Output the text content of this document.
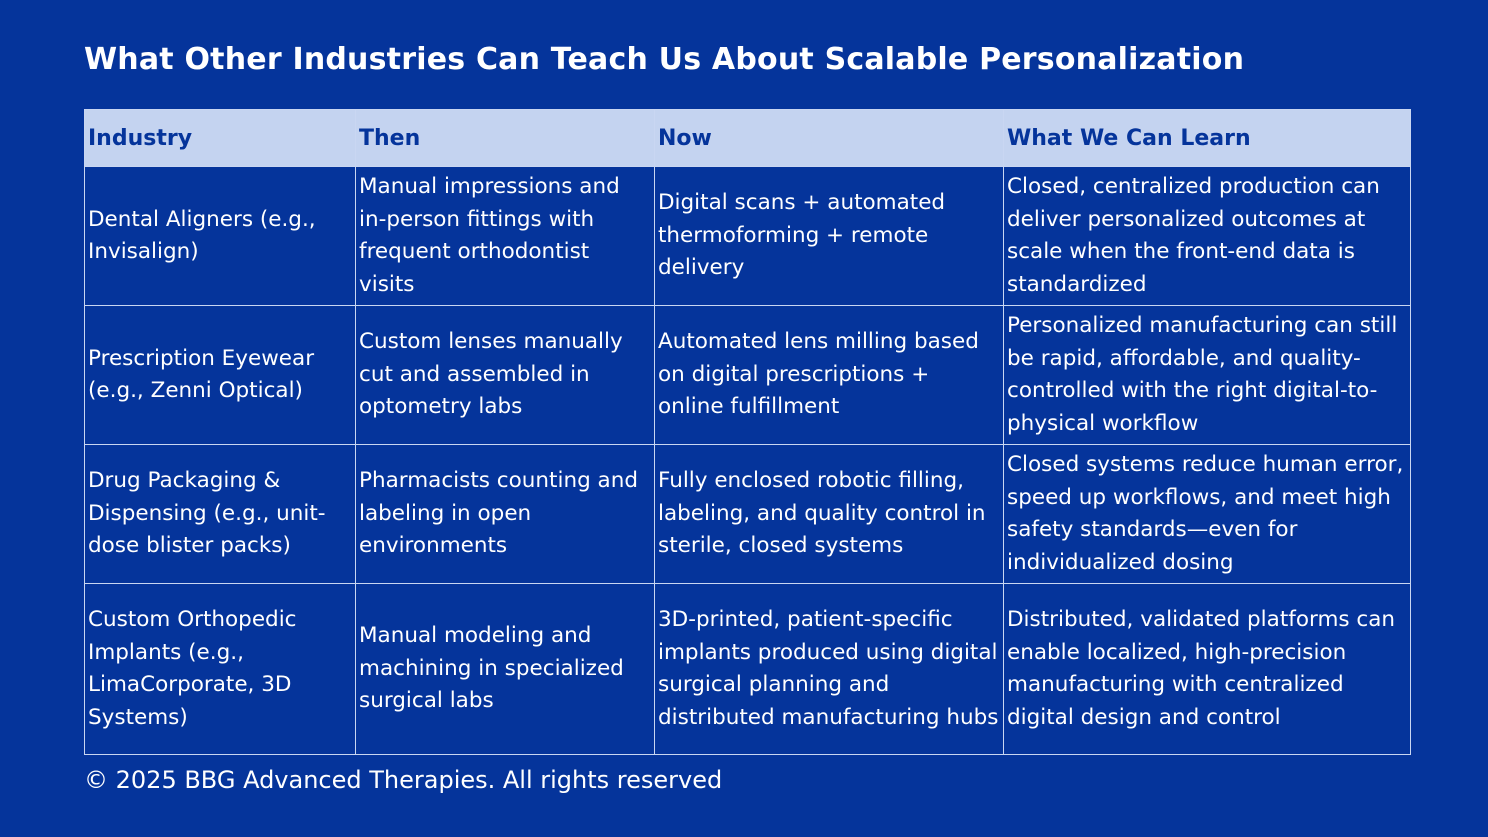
What Other Industries Can Teach Us About Scalable Personalization
Industry	Then	Now	What We Can Learn
Dental Aligners (e.g., Invisalign)	Manual impressions and in-person fittings with frequent orthodontist visits	Digital scans + automated thermoforming + remote delivery	Closed, centralized production can deliver personalized outcomes at scale when the front-end data is standardized
Prescription Eyewear (e.g., Zenni Optical)	Custom lenses manually cut and assembled in optometry labs	Automated lens milling based on digital prescriptions + online fulfillment	Personalized manufacturing can still be rapid, affordable, and quality-controlled with the right digital-to-physical workflow
Drug Packaging & Dispensing (e.g., unit-dose blister packs)	Pharmacists counting and labeling in open environments	Fully enclosed robotic filling, labeling, and quality control in sterile, closed systems	Closed systems reduce human error, speed up workflows, and meet high safety standards—even for individualized dosing
Custom Orthopedic Implants (e.g., LimaCorporate, 3D Systems)	Manual modeling and machining in specialized surgical labs	3D-printed, patient-specific implants produced using digital surgical planning and distributed manufacturing hubs	Distributed, validated platforms can enable localized, high-precision manufacturing with centralized digital design and control
© 2025 BBG Advanced Therapies. All rights reserved
